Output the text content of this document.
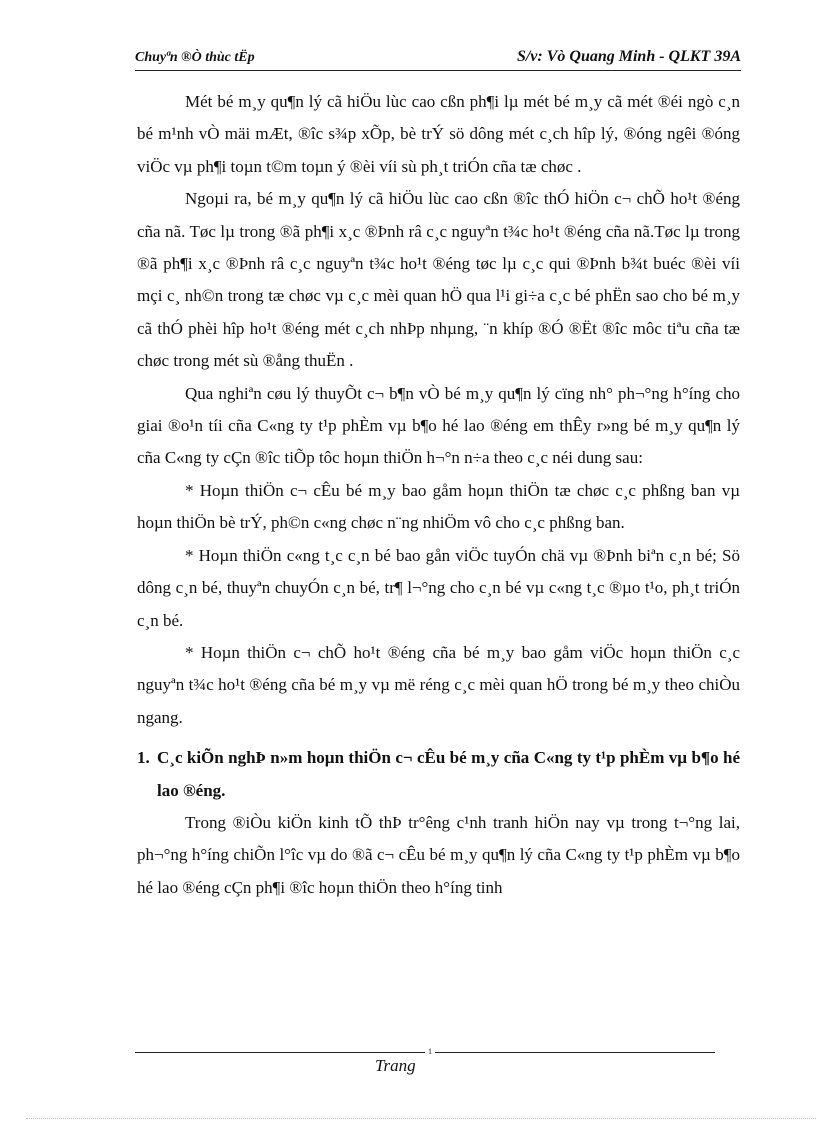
Chuyªn ®Ò thùc tËp	S/v: Vò Quang Minh - QLKT 39A

Mét bé m¸y qu¶n lý cã hiÖu lùc cao cßn ph¶i lµ mét bé m¸y cã mét ®éi ngò c¸n bé m¹nh vÒ mäi mÆt, ®îc s¾p xÕp, bè trÝ sö dông mét c¸ch hîp lý, ®óng ngêi ®óng viÖc vµ ph¶i toµn t©m toµn ý ®èi víi sù ph¸t triÓn cña tæ chøc .

Ngoµi ra, bé m¸y qu¶n lý cã hiÖu lùc cao cßn ®îc thÓ hiÖn c¬ chÕ ho¹t ®éng cña nã. Tøc lµ trong ®ã ph¶i x¸c ®Þnh râ c¸c nguyªn t¾c ho¹t ®éng cña nã.Tøc lµ trong ®ã ph¶i x¸c ®Þnh râ c¸c nguyªn t¾c ho¹t ®éng tøc lµ c¸c qui ®Þnh b¾t buéc ®èi víi mçi c¸ nh©n trong tæ chøc vµ c¸c mèi quan hÖ qua l¹i gi÷a c¸c bé phËn sao cho bé m¸y cã thÓ phèi hîp ho¹t ®éng mét c¸ch nhÞp nhµng, ¨n khíp ®Ó ®Ët ®îc môc tiªu cña tæ chøc trong mét sù ®ång thuËn .

Qua nghiªn cøu lý thuyÕt c¬ b¶n vÒ bé m¸y qu¶n lý cïng nh° ph¬°ng h°íng cho giai ®o¹n tíi cña C«ng ty t¹p phÈm vµ b¶o hé lao ®éng em thÊy r»ng bé m¸y qu¶n lý cña C«ng ty cÇn ®îc tiÕp tôc hoµn thiÖn h¬°n n÷a theo c¸c néi dung sau:

* Hoµn thiÖn c¬ cÊu bé m¸y bao gåm hoµn thiÖn tæ chøc c¸c phßng ban vµ hoµn thiÖn bè trÝ, ph©n c«ng chøc n¨ng nhiÖm vô cho c¸c phßng ban.

* Hoµn thiÖn c«ng t¸c c¸n bé bao gån viÖc tuyÓn chä vµ ®Þnh biªn c¸n bé; Sö dông c¸n bé, thuyªn chuyÓn c¸n bé, tr¶ l¬°ng cho c¸n bé vµ c«ng t¸c ®µo t¹o, ph¸t triÓn c¸n bé.

* Hoµn thiÖn c¬ chÕ ho¹t ®éng cña bé m¸y bao gåm viÖc hoµn thiÖn c¸c nguyªn t¾c ho¹t ®éng cña bé m¸y vµ më réng c¸c mèi quan hÖ trong bé m¸y theo chiÒu ngang.

1. C¸c kiÕn nghÞ n»m hoµn thiÖn c¬ cÊu bé m¸y cña C«ng ty t¹p phÈm vµ b¶o hé lao ®éng.

Trong ®iÒu kiÖn kinh tÕ thÞ tr°êng c¹nh tranh hiÖn nay vµ trong t¬°ng lai, ph¬°ng h°íng chiÕn l°îc vµ do ®ã c¬ cÊu bé m¸y qu¶n lý cña C«ng ty t¹p phÈm vµ b¶o hé lao ®éng cÇn ph¶i ®îc hoµn thiÖn theo h°íng tinh

1
Trang
